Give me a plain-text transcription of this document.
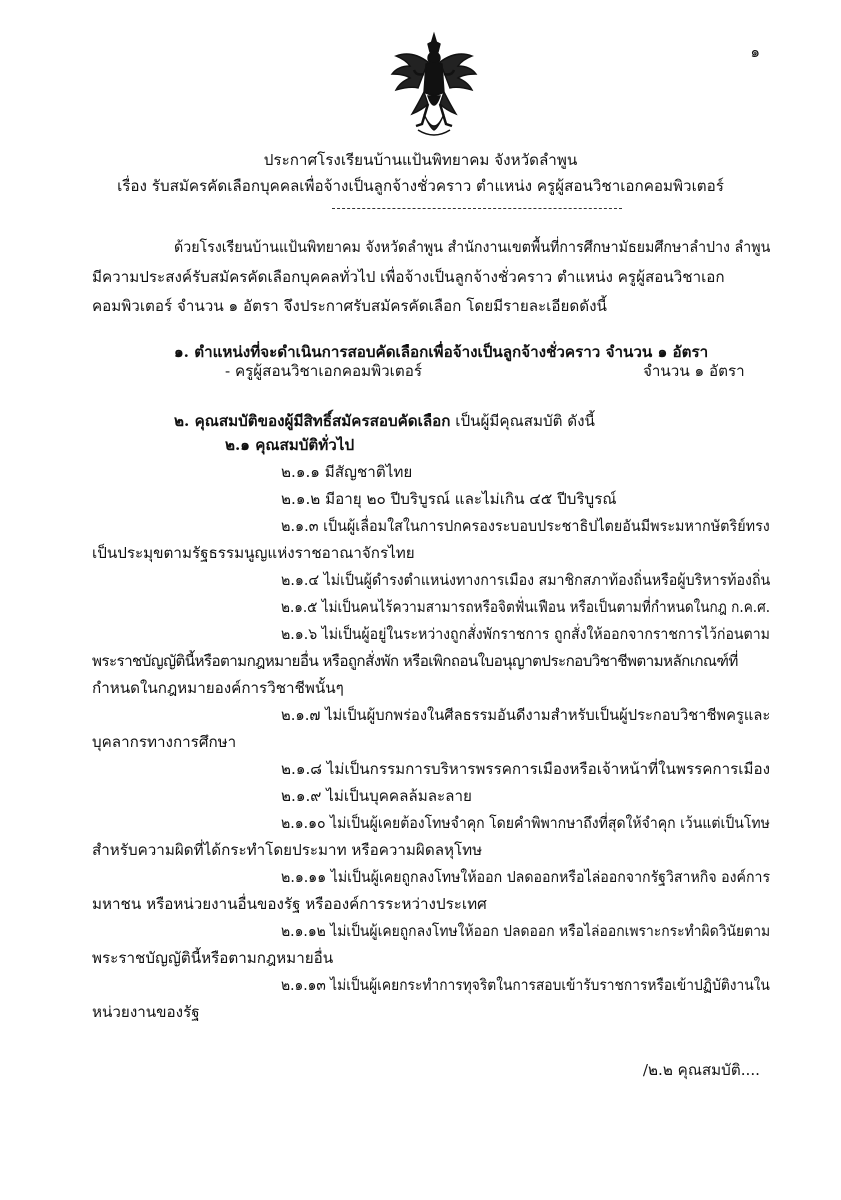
๑
ประกาศโรงเรียนบ้านแป้นพิทยาคม จังหวัดลำพูน
เรื่อง รับสมัครคัดเลือกบุคคลเพื่อจ้างเป็นลูกจ้างชั่วคราว ตำแหน่ง ครูผู้สอนวิชาเอกคอมพิวเตอร์
ด้วยโรงเรียนบ้านแป้นพิทยาคม จังหวัดลำพูน สำนักงานเขตพื้นที่การศึกษามัธยมศึกษาลำปาง ลำพูน
มีความประสงค์รับสมัครคัดเลือกบุคคลทั่วไป เพื่อจ้างเป็นลูกจ้างชั่วคราว ตำแหน่ง ครูผู้สอนวิชาเอก
คอมพิวเตอร์ จำนวน ๑ อัตรา จึงประกาศรับสมัครคัดเลือก โดยมีรายละเอียดดังนี้
๑. ตำแหน่งที่จะดำเนินการสอบคัดเลือกเพื่อจ้างเป็นลูกจ้างชั่วคราว จำนวน ๑ อัตรา
- ครูผู้สอนวิชาเอกคอมพิวเตอร์	จำนวน ๑ อัตรา
๒. คุณสมบัติของผู้มีสิทธิ์สมัครสอบคัดเลือก เป็นผู้มีคุณสมบัติ ดังนี้
๒.๑ คุณสมบัติทั่วไป
๒.๑.๑ มีสัญชาติไทย
๒.๑.๒ มีอายุ ๒๐ ปีบริบูรณ์ และไม่เกิน ๔๕ ปีบริบูรณ์
๒.๑.๓ เป็นผู้เลื่อมใสในการปกครองระบอบประชาธิปไตยอันมีพระมหากษัตริย์ทรง
เป็นประมุขตามรัฐธรรมนูญแห่งราชอาณาจักรไทย
๒.๑.๔ ไม่เป็นผู้ดำรงตำแหน่งทางการเมือง สมาชิกสภาท้องถิ่นหรือผู้บริหารท้องถิ่น
๒.๑.๕ ไม่เป็นคนไร้ความสามารถหรือจิตฟั่นเฟือน หรือเป็นตามที่กำหนดในกฎ ก.ค.ศ.
๒.๑.๖ ไม่เป็นผู้อยู่ในระหว่างถูกสั่งพักราชการ ถูกสั่งให้ออกจากราชการไว้ก่อนตาม
พระราชบัญญัตินี้หรือตามกฎหมายอื่น หรือถูกสั่งพัก หรือเพิกถอนใบอนุญาตประกอบวิชาชีพตามหลักเกณฑ์ที่
กำหนดในกฎหมายองค์การวิชาชีพนั้นๆ
๒.๑.๗ ไม่เป็นผู้บกพร่องในศีลธรรมอันดีงามสำหรับเป็นผู้ประกอบวิชาชีพครูและ
บุคลากรทางการศึกษา
๒.๑.๘ ไม่เป็นกรรมการบริหารพรรคการเมืองหรือเจ้าหน้าที่ในพรรคการเมือง
๒.๑.๙ ไม่เป็นบุคคลล้มละลาย
๒.๑.๑๐ ไม่เป็นผู้เคยต้องโทษจำคุก โดยคำพิพากษาถึงที่สุดให้จำคุก เว้นแต่เป็นโทษ
สำหรับความผิดที่ได้กระทำโดยประมาท หรือความผิดลหุโทษ
๒.๑.๑๑ ไม่เป็นผู้เคยถูกลงโทษให้ออก ปลดออกหรือไล่ออกจากรัฐวิสาหกิจ องค์การ
มหาชน หรือหน่วยงานอื่นของรัฐ หรือองค์การระหว่างประเทศ
๒.๑.๑๒ ไม่เป็นผู้เคยถูกลงโทษให้ออก ปลดออก หรือไล่ออกเพราะกระทำผิดวินัยตาม
พระราชบัญญัตินี้หรือตามกฎหมายอื่น
๒.๑.๑๓ ไม่เป็นผู้เคยกระทำการทุจริตในการสอบเข้ารับราชการหรือเข้าปฏิบัติงานใน
หน่วยงานของรัฐ
/๒.๒ คุณสมบัติ....
